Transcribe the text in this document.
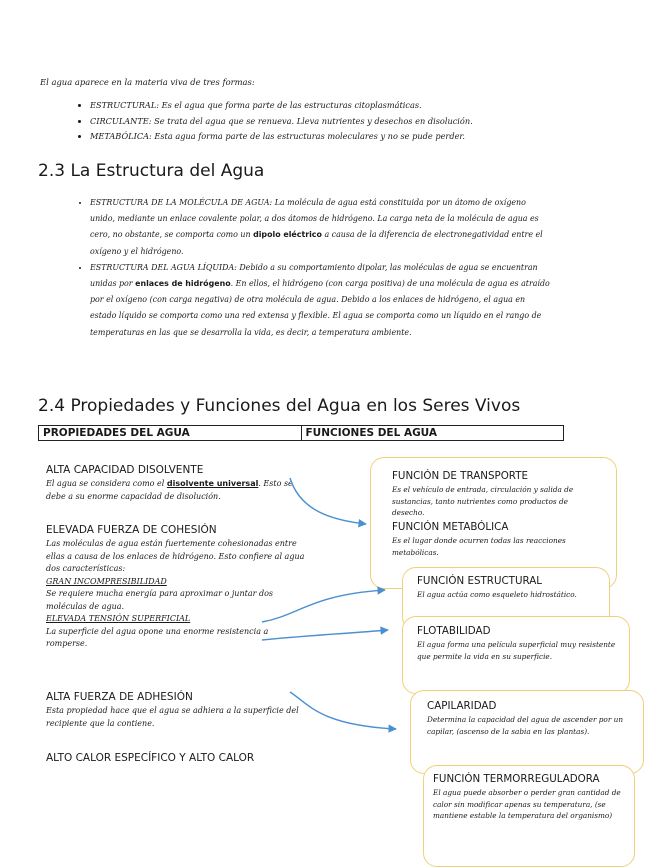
El agua aparece en la materia viva de tres formas:
• ESTRUCTURAL: Es el agua que forma parte de las estructuras citoplasmáticas.
• CIRCULANTE: Se trata del agua que se renueva. Lleva nutrientes y desechos en disolución.
• METABÓLICA: Esta agua forma parte de las estructuras moleculares y no se pude perder.
2.3 La Estructura del Agua
• ESTRUCTURA DE LA MOLÉCULA DE AGUA: La molécula de agua está constituida por un átomo de oxígeno unido, mediante un enlace covalente polar, a dos átomos de hidrógeno. La carga neta de la molécula de agua es cero, no obstante, se comporta como un dipolo eléctrico a causa de la diferencia de electronegatividad entre el oxígeno y el hidrógeno.
• ESTRUCTURA DEL AGUA LÍQUIDA: Debido a su comportamiento dipolar, las moléculas de agua se encuentran unidas por enlaces de hidrógeno. En ellos, el hidrógeno (con carga positiva) de una molécula de agua es atraído por el oxígeno (con carga negativa) de otra molécula de agua. Debido a los enlaces de hidrógeno, el agua en estado líquido se comporta como una red extensa y flexible. El agua se comporta como un líquido en el rango de temperaturas en las que se desarrolla la vida, es decir, a temperatura ambiente.
2.4 Propiedades y Funciones del Agua en los Seres Vivos
PROPIEDADES DEL AGUA	FUNCIONES DEL AGUA
ALTA CAPACIDAD DISOLVENTE

El agua se considera como el disolvente universal. Esto se debe a su enorme capacidad de disolución.

ELEVADA FUERZA DE COHESIÓN

Las moléculas de agua están fuertemente cohesionadas entre ellas a causa de los enlaces de hidrógeno. Esto confiere al agua dos características:

GRAN INCOMPRESIBILIDAD

Se requiere mucha energía para aproximar o juntar dos moléculas de agua.

ELEVADA TENSIÓN SUPERFICIAL

La superficie del agua opone una enorme resistencia a romperse.

ALTA FUERZA DE ADHESIÓN

Esta propiedad hace que el agua se adhiera a la superficie del recipiente que la contiene.

ALTO CALOR ESPECÍFICO Y ALTO CALOR
FUNCIÓN DE TRANSPORTE

Es el vehículo de entrada, circulación y salida de sustancias, tanto nutrientes como productos de desecho.

FUNCIÓN METABÓLICA

Es el lugar donde ocurren todas las reacciones metabólicas.

FUNCIÓN ESTRUCTURAL

El agua actúa como esqueleto hidrostático.

FLOTABILIDAD

El agua forma una película superficial muy resistente que permite la vida en su superficie.

CAPILARIDAD

Determina la capacidad del agua de ascender por un capilar, (ascenso de la sabia en las plantas).

FUNCIÓN TERMORREGULADORA

El agua puede absorber o perder gran cantidad de calor sin modificar apenas su temperatura, (se mantiene estable la temperatura del organismo)
